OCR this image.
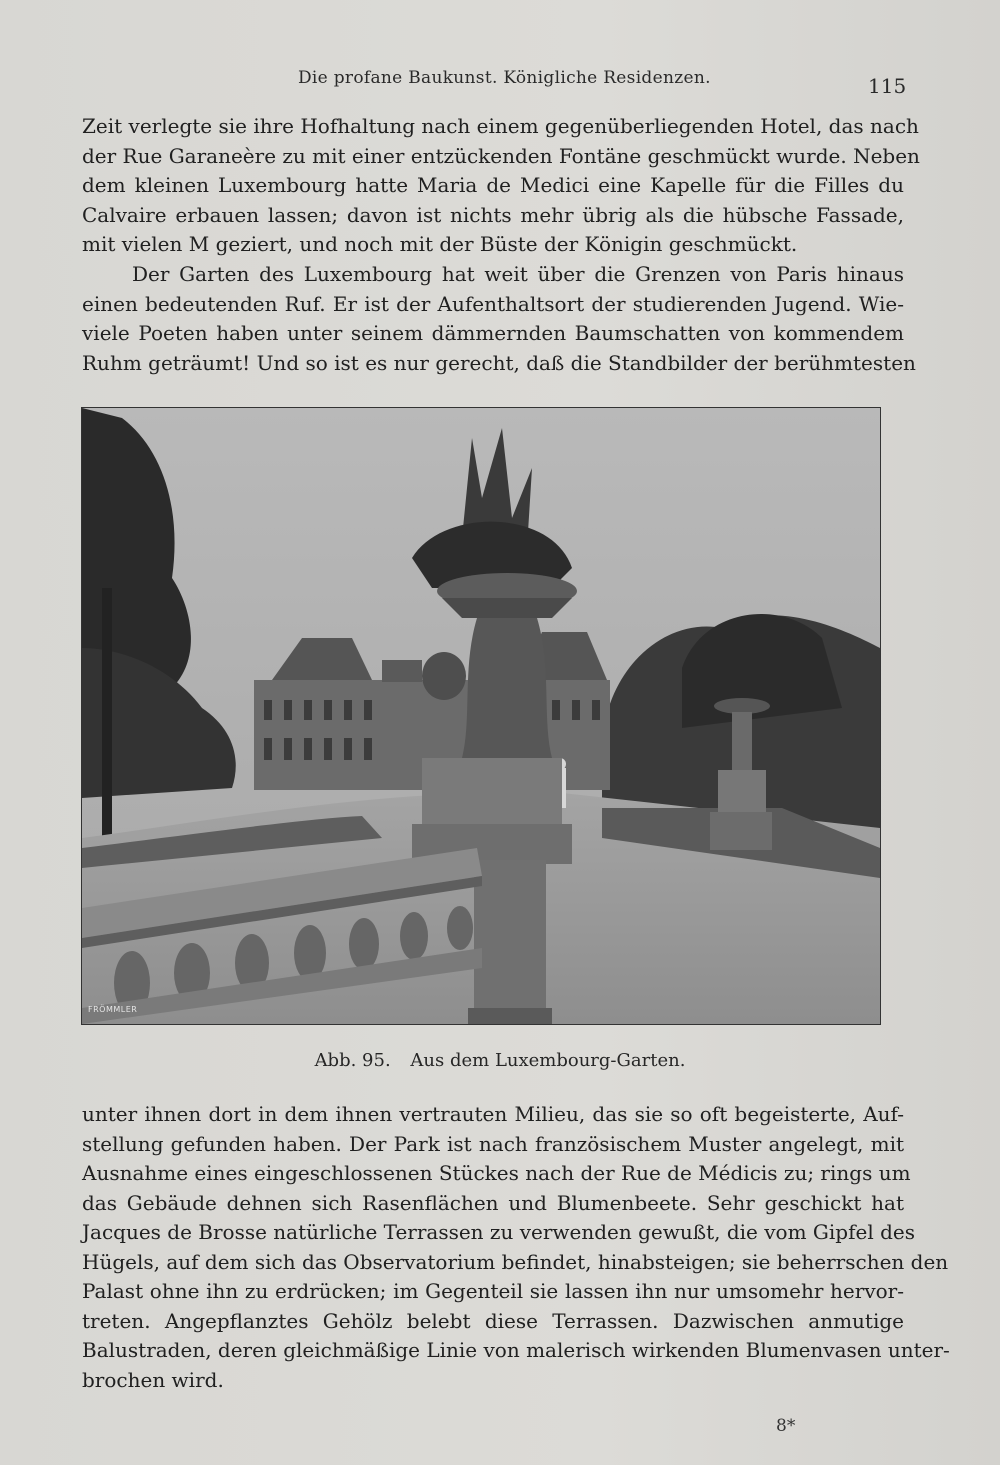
Die profane Baukunst. Königliche Residenzen.	115
Zeit verlegte sie ihre Hofhaltung nach einem gegenüberliegenden Hotel, das nach
der Rue Garaneère zu mit einer entzückenden Fontäne geschmückt wurde. Neben
dem kleinen Luxembourg hatte Maria de Medici eine Kapelle für die Filles du
Calvaire erbauen lassen; davon ist nichts mehr übrig als die hübsche Fassade,
mit vielen M geziert, und noch mit der Büste der Königin geschmückt.
Der Garten des Luxembourg hat weit über die Grenzen von Paris hinaus
einen bedeutenden Ruf. Er ist der Aufenthaltsort der studierenden Jugend. Wie-
viele Poeten haben unter seinem dämmernden Baumschatten von kommendem
Ruhm geträumt! Und so ist es nur gerecht, daß die Standbilder der berühmtesten
FRÖMMLER
Abb. 95. Aus dem Luxembourg-Garten.
unter ihnen dort in dem ihnen vertrauten Milieu, das sie so oft begeisterte, Auf-
stellung gefunden haben. Der Park ist nach französischem Muster angelegt, mit
Ausnahme eines eingeschlossenen Stückes nach der Rue de Médicis zu; rings um
das Gebäude dehnen sich Rasenflächen und Blumenbeete. Sehr geschickt hat
Jacques de Brosse natürliche Terrassen zu verwenden gewußt, die vom Gipfel des
Hügels, auf dem sich das Observatorium befindet, hinabsteigen; sie beherrschen den
Palast ohne ihn zu erdrücken; im Gegenteil sie lassen ihn nur umsomehr hervor-
treten. Angepflanztes Gehölz belebt diese Terrassen. Dazwischen anmutige
Balustraden, deren gleichmäßige Linie von malerisch wirkenden Blumenvasen unter-
brochen wird.
8*
